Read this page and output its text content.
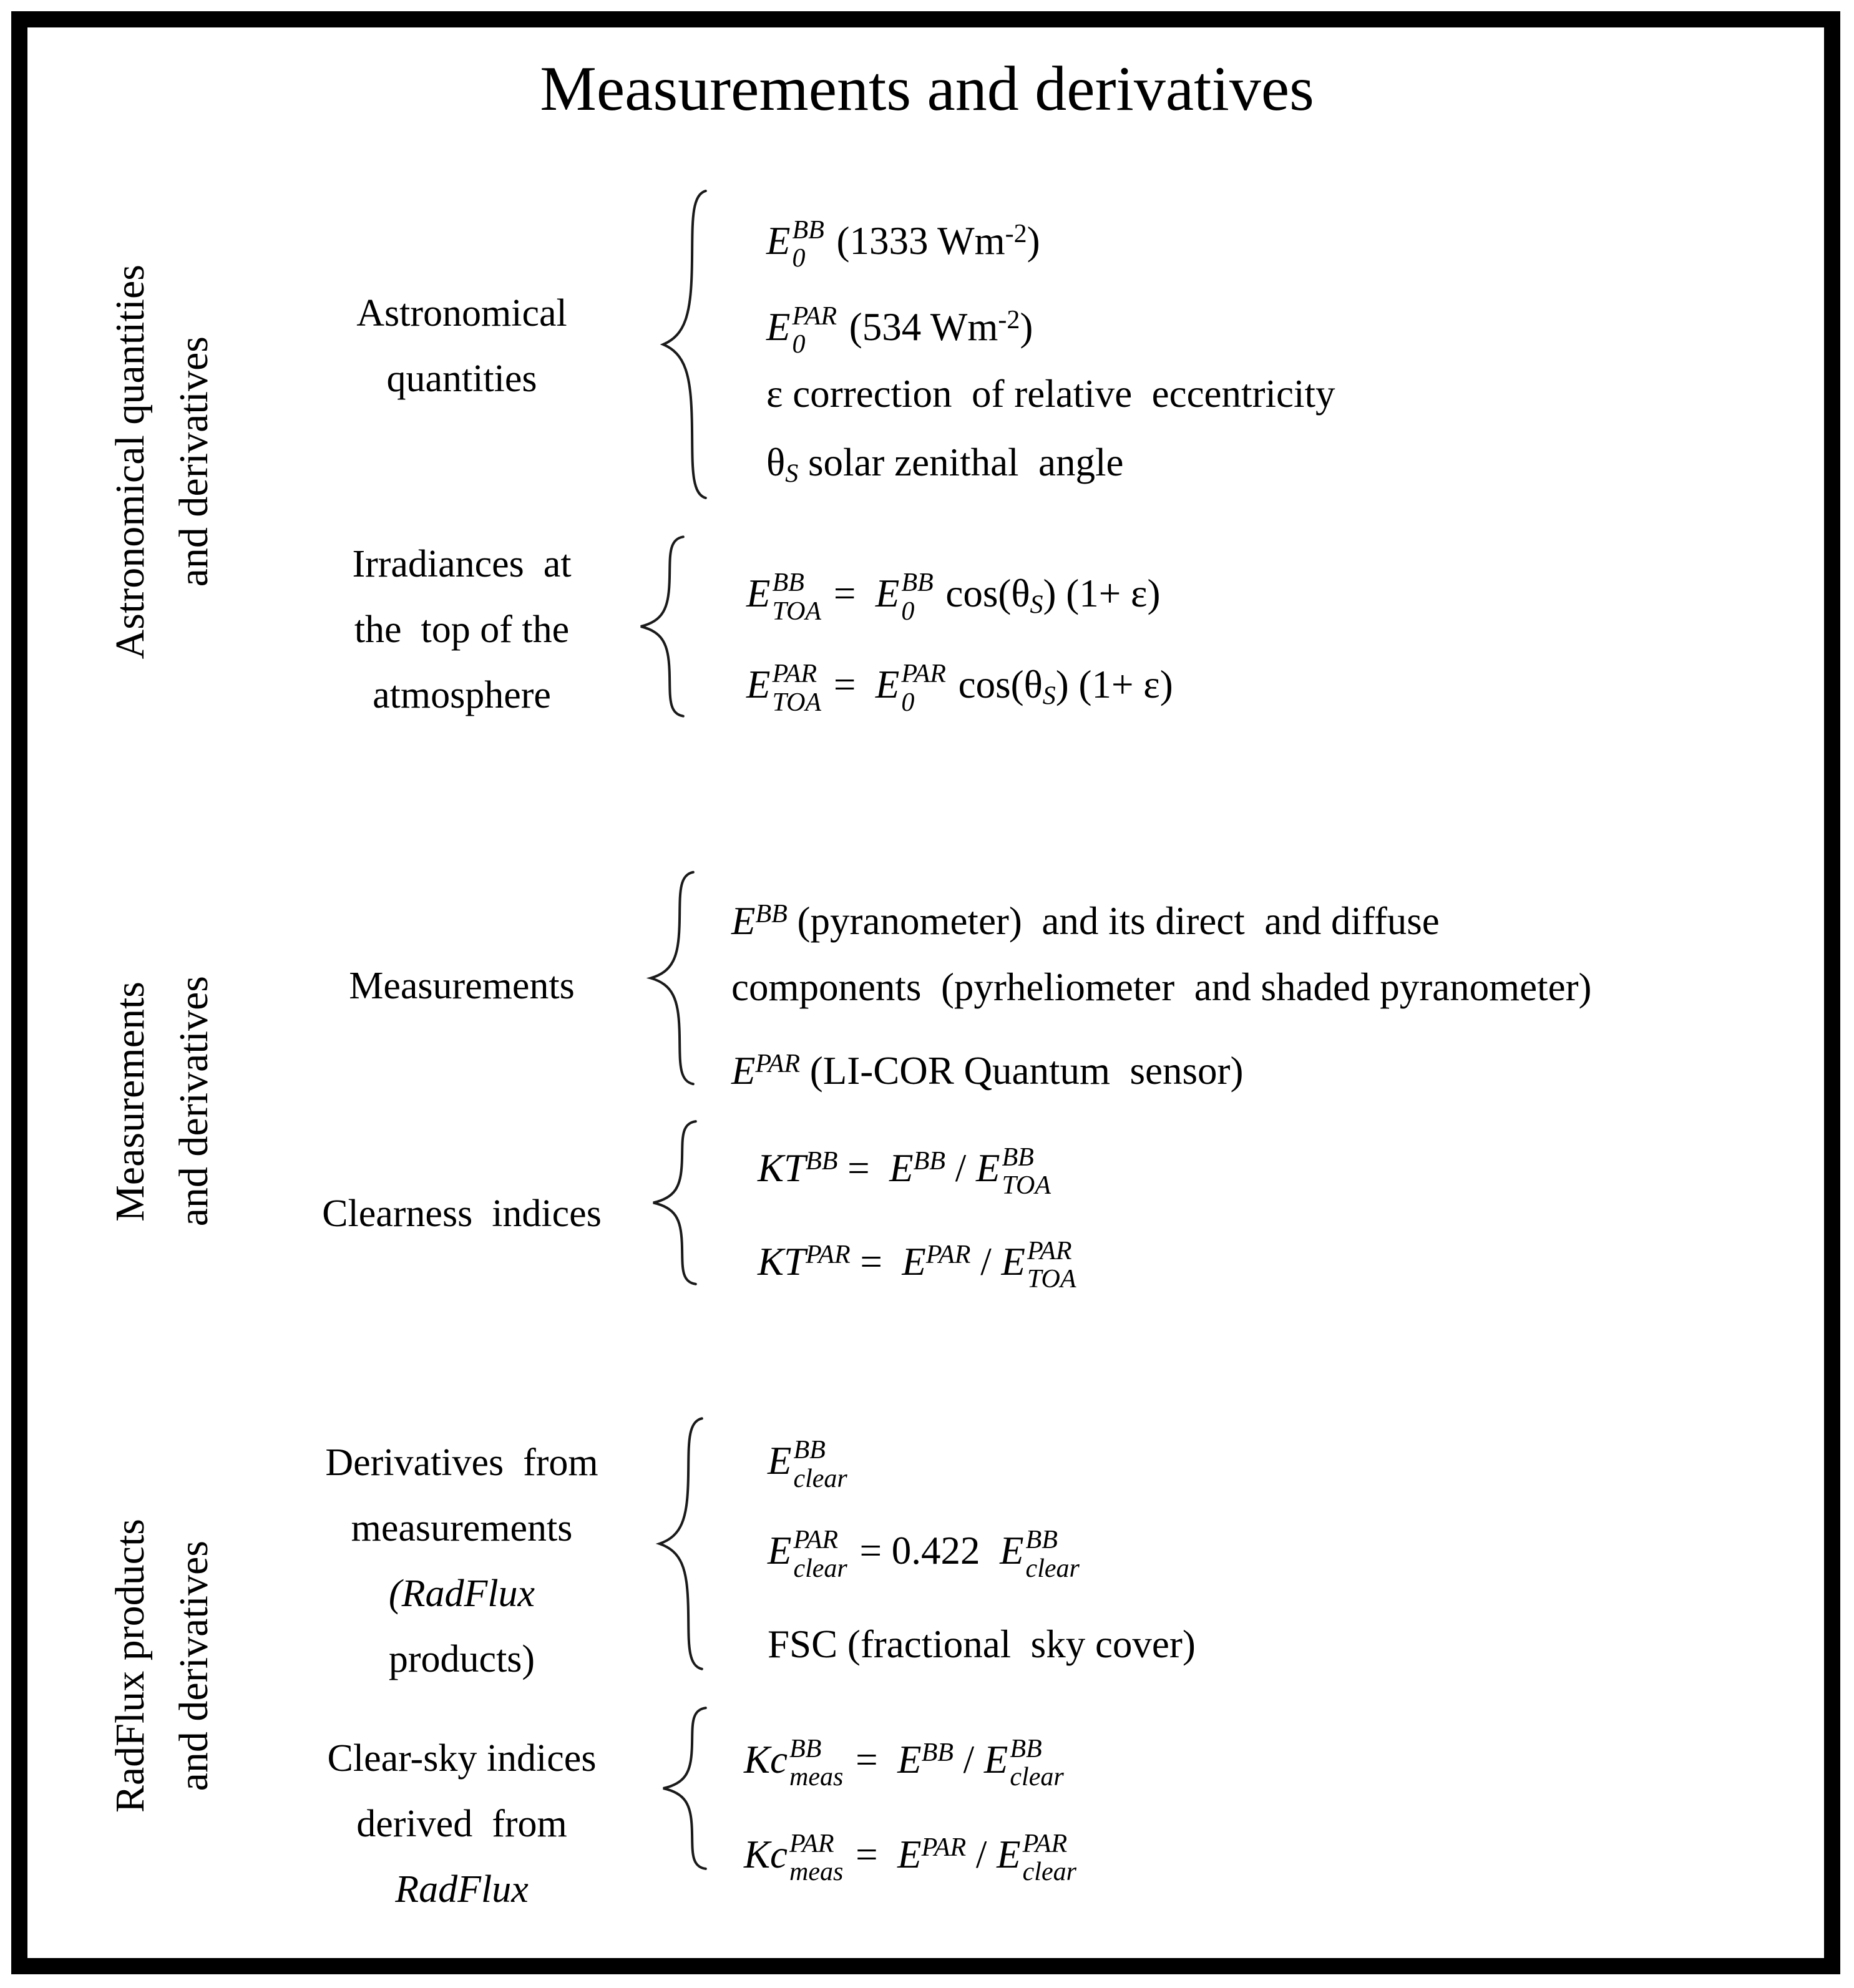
Measurements and derivatives
Astronomical quantities and derivatives
Measurements and derivatives
RadFlux products and derivatives
Astronomical
quantities
Irradiances  at
the  top of the
atmosphere
Measurements
Clearness  indices
Derivatives  from
measurements
(RadFlux
products)
Clear-sky indices
derived  from
RadFlux
E BB
0 (1333 $Wm^{-2}$)
E PAR
0 (534 $Wm^{-2}$)
ε correction  of relative  eccentricity
$\theta_S$ solar zenithal  angle
E BB
TOA =  E BB
0 $\cos(\theta_S)$ (1+ ε)
E PAR
TOA =  E PAR
0 $\cos(\theta_S)$ (1+ ε)
$E^{BB}$ (pyranometer)  and its direct  and diffuse
components  (pyrheliometer  and shaded pyranometer)
$E^{PAR}$ (LI-COR Quantum  sensor)
$KT^{BB} = E^{BB} / E$ BB
TOA
$KT^{PAR} = E^{PAR} / E$ PAR
TOA
E BB
clear
E PAR
clear = 0.422  E BB
clear
FSC (fractional  sky cover)
Kc BB
meas =  $E^{BB}$ / E BB
clear
Kc PAR
meas =  $E^{PAR}$ / E PAR
clear
